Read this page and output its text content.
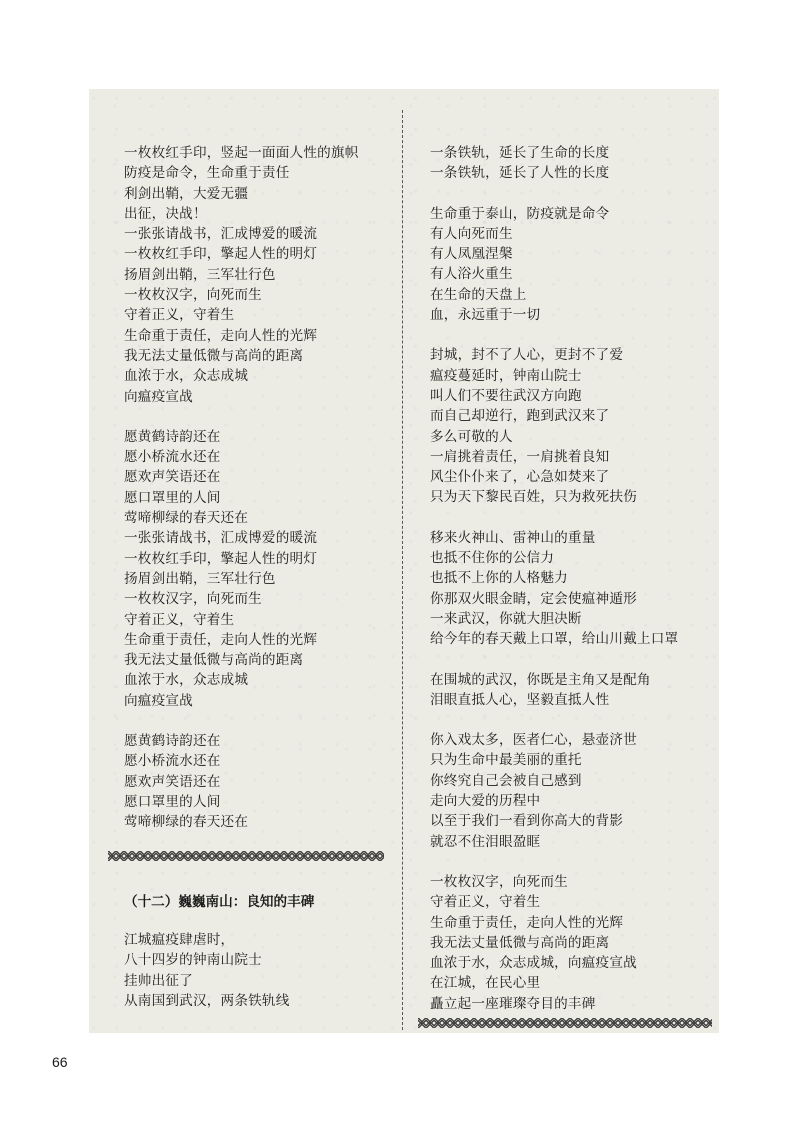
一枚枚红手印，竖起一面面人性的旗帜
防疫是命令，生命重于责任
利剑出鞘，大爱无疆
出征，决战！
一张张请战书，汇成博爱的暖流
一枚枚红手印，擎起人性的明灯
扬眉剑出鞘，三军壮行色
一枚枚汉字，向死而生
守着正义，守着生
生命重于责任，走向人性的光辉
我无法丈量低微与高尚的距离
血浓于水，众志成城
向瘟疫宣战
愿黄鹤诗韵还在
愿小桥流水还在
愿欢声笑语还在
愿口罩里的人间
莺啼柳绿的春天还在
一张张请战书，汇成博爱的暖流
一枚枚红手印，擎起人性的明灯
扬眉剑出鞘，三军壮行色
一枚枚汉字，向死而生
守着正义，守着生
生命重于责任，走向人性的光辉
我无法丈量低微与高尚的距离
血浓于水，众志成城
向瘟疫宣战
愿黄鹤诗韵还在
愿小桥流水还在
愿欢声笑语还在
愿口罩里的人间
莺啼柳绿的春天还在
一条铁轨，延长了生命的长度
一条铁轨，延长了人性的长度
生命重于泰山，防疫就是命令
有人向死而生
有人凤凰涅槃
有人浴火重生
在生命的天盘上
血，永远重于一切
封城，封不了人心，更封不了爱
瘟疫蔓延时，钟南山院士
叫人们不要往武汉方向跑
而自己却逆行，跑到武汉来了
多么可敬的人
一肩挑着责任，一肩挑着良知
风尘仆仆来了，心急如焚来了
只为天下黎民百姓，只为救死扶伤
移来火神山、雷神山的重量
也抵不住你的公信力
也抵不上你的人格魅力
你那双火眼金睛，定会使瘟神遁形
一来武汉，你就大胆决断
给今年的春天戴上口罩，给山川戴上口罩
在围城的武汉，你既是主角又是配角
泪眼直抵人心，坚毅直抵人性
你入戏太多，医者仁心，悬壶济世
只为生命中最美丽的重托
你终究自己会被自己感到
走向大爱的历程中
以至于我们一看到你高大的背影
就忍不住泪眼盈眶
一枚枚汉字，向死而生
守着正义，守着生
生命重于责任，走向人性的光辉
我无法丈量低微与高尚的距离
血浓于水，众志成城，向瘟疫宣战
在江城，在民心里
矗立起一座璀璨夺目的丰碑
（十二）巍巍南山：良知的丰碑
江城瘟疫肆虐时，
八十四岁的钟南山院士
挂帅出征了
从南国到武汉，两条铁轨线
66
